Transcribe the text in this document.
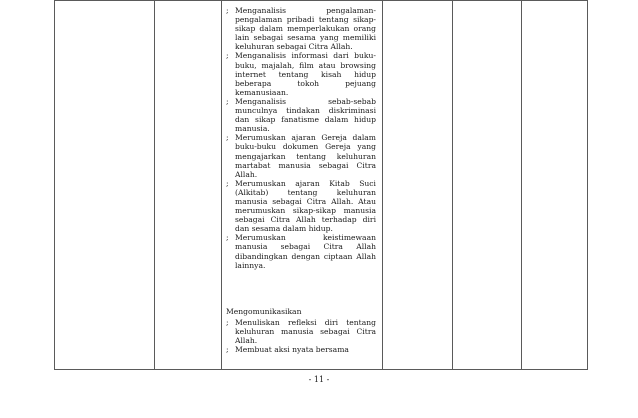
; Menganalisis pengalaman-pengalaman pribadi tentang sikap-sikap dalam memperlakukan orang lain sebagai sesama yang memiliki keluhuran sebagai Citra Allah.
; Menganalisis informasi dari buku-buku, majalah, film atau browsing internet tentang kisah hidup beberapa tokoh pejuang kemanusiaan.
; Menganalisis sebab-sebab munculnya tindakan diskriminasi dan sikap fanatisme dalam hidup manusia.
; Merumuskan ajaran Gereja dalam buku-buku dokumen Gereja yang mengajarkan tentang keluhuran martabat manusia sebagai Citra Allah.
; Merumuskan ajaran Kitab Suci (Alkitab) tentang keluhuran manusia sebagai Citra Allah. Atau merumuskan sikap-sikap manusia sebagai Citra Allah terhadap diri dan sesama dalam hidup.
; Merumuskan keistimewaan manusia sebagai Citra Allah dibandingkan dengan ciptaan Allah lainnya.
Mengomunikasikan
; Menuliskan refleksi diri tentang keluhuran manusia sebagai Citra Allah.
; Membuat aksi nyata bersama

- 11 -
